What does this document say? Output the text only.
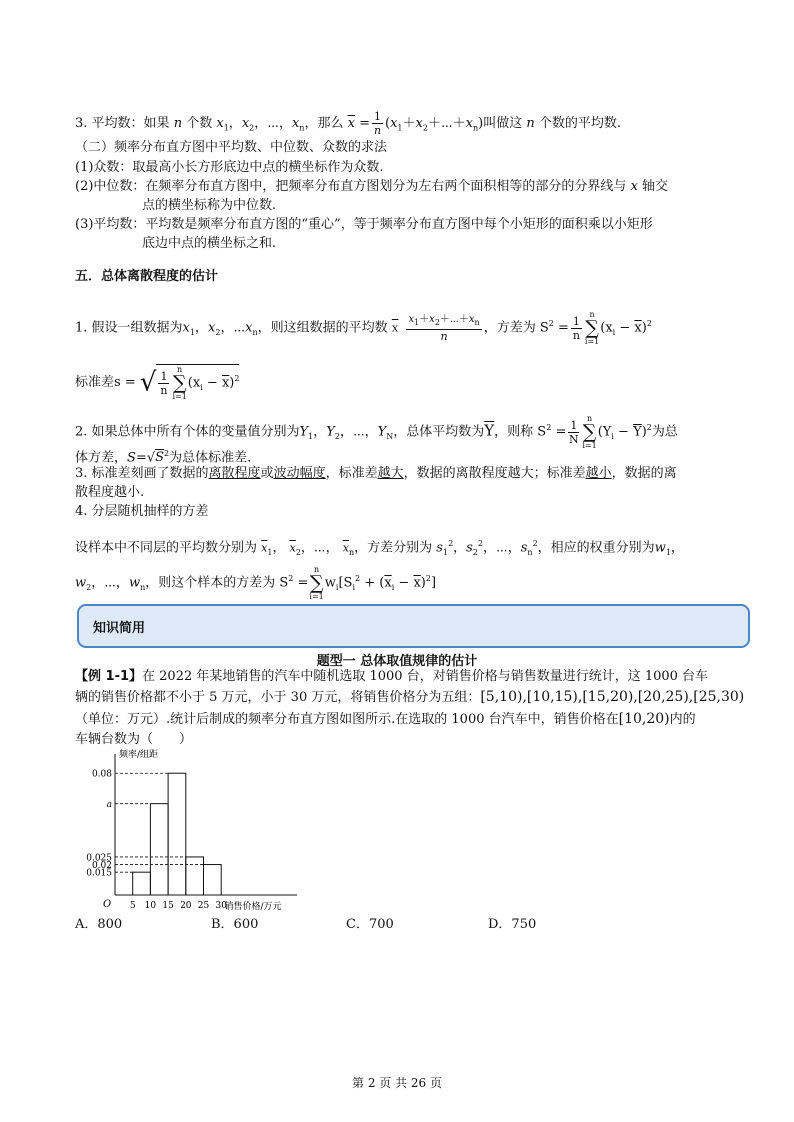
3. 平均数：如果 n 个数 $x_1$，$x_2$，⋯，$x_n$，那么 $\overline{x} = \frac{1}{n}$ $(x_1+x_2+\cdots+x_n)$叫做这 n 个数的平均数.
（二）频率分布直方图中平均数、中位数、众数的求法
(1)众数：取最高小长方形底边中点的横坐标作为众数.
(2)中位数：在频率分布直方图中，把频率分布直方图划分为左右两个面积相等的部分的分界线与 x 轴交
点的横坐标称为中位数.
(3)平均数：平均数是频率分布直方图的“重心”，等于频率分布直方图中每个小矩形的面积乘以小矩形
底边中点的横坐标之和.
五．总体离散程度的估计
1. 假设一组数据为$x_1$，$x_2$，$\cdots x_n$，则这组数据的平均数 $\overline{x} \frac{x_1+x_2+\cdots+x_n}{n}$ ，方差为 $S^2 = \frac{1}{n}$ n
∑
i=1
$(x_i - \overline{x})^2$
标准差s = √ $\frac{1}{n}$ n
∑
i=1
$(x_i - \overline{x})^2$
2. 如果总体中所有个体的变量值分别为$Y_1$，$Y_2$，⋯，$Y_N$，总体平均数为$\overline{Y}$，则称 $S^2 = \frac{1}{N}$ n
∑
i=1
$(Y_i - \overline{Y})^2$为总
体方差，$S=√S^2$为总体标准差.
3. 标准差刻画了数据的离散程度或波动幅度，标准差越大，数据的离散程度越大；标准差越小，数据的离
散程度越小.
4. 分层随机抽样的方差
设样本中不同层的平均数分别为 $\overline{x}_1$， $\overline{x}_2$，⋯， $\overline{x}_n$，方差分别为 $s_1^2$，$s_2^2$，⋯，$s_n^2$，相应的权重分别为$w_1$，
$w_2$，⋯，$w_n$，则这个样本的方差为 $S^2$ =
n
∑
i=1
$w_i[S_i^2 + (\overline{x}_i - \overline{x})^2]$
知识简用
题型一 总体取值规律的估计
【例 1-1】在 2022 年某地销售的汽车中随机选取 1000 台，对销售价格与销售数量进行统计，这 1000 台车
辆的销售价格都不小于 5 万元，小于 30 万元，将销售价格分为五组：[5,10),[10,15),[15,20),[20,25),[25,30)
（单位：万元）.统计后制成的频率分布直方图如图所示.在选取的 1000 台汽车中，销售价格在[10,20)内的
车辆台数为（　　）
0.08
a
0.025
0.02
0.015
5 10 15 20 25 30
O
频率/组距
销售价格/万元
A．800	B．600	C．700	D．750
第 2 页 共 26 页
